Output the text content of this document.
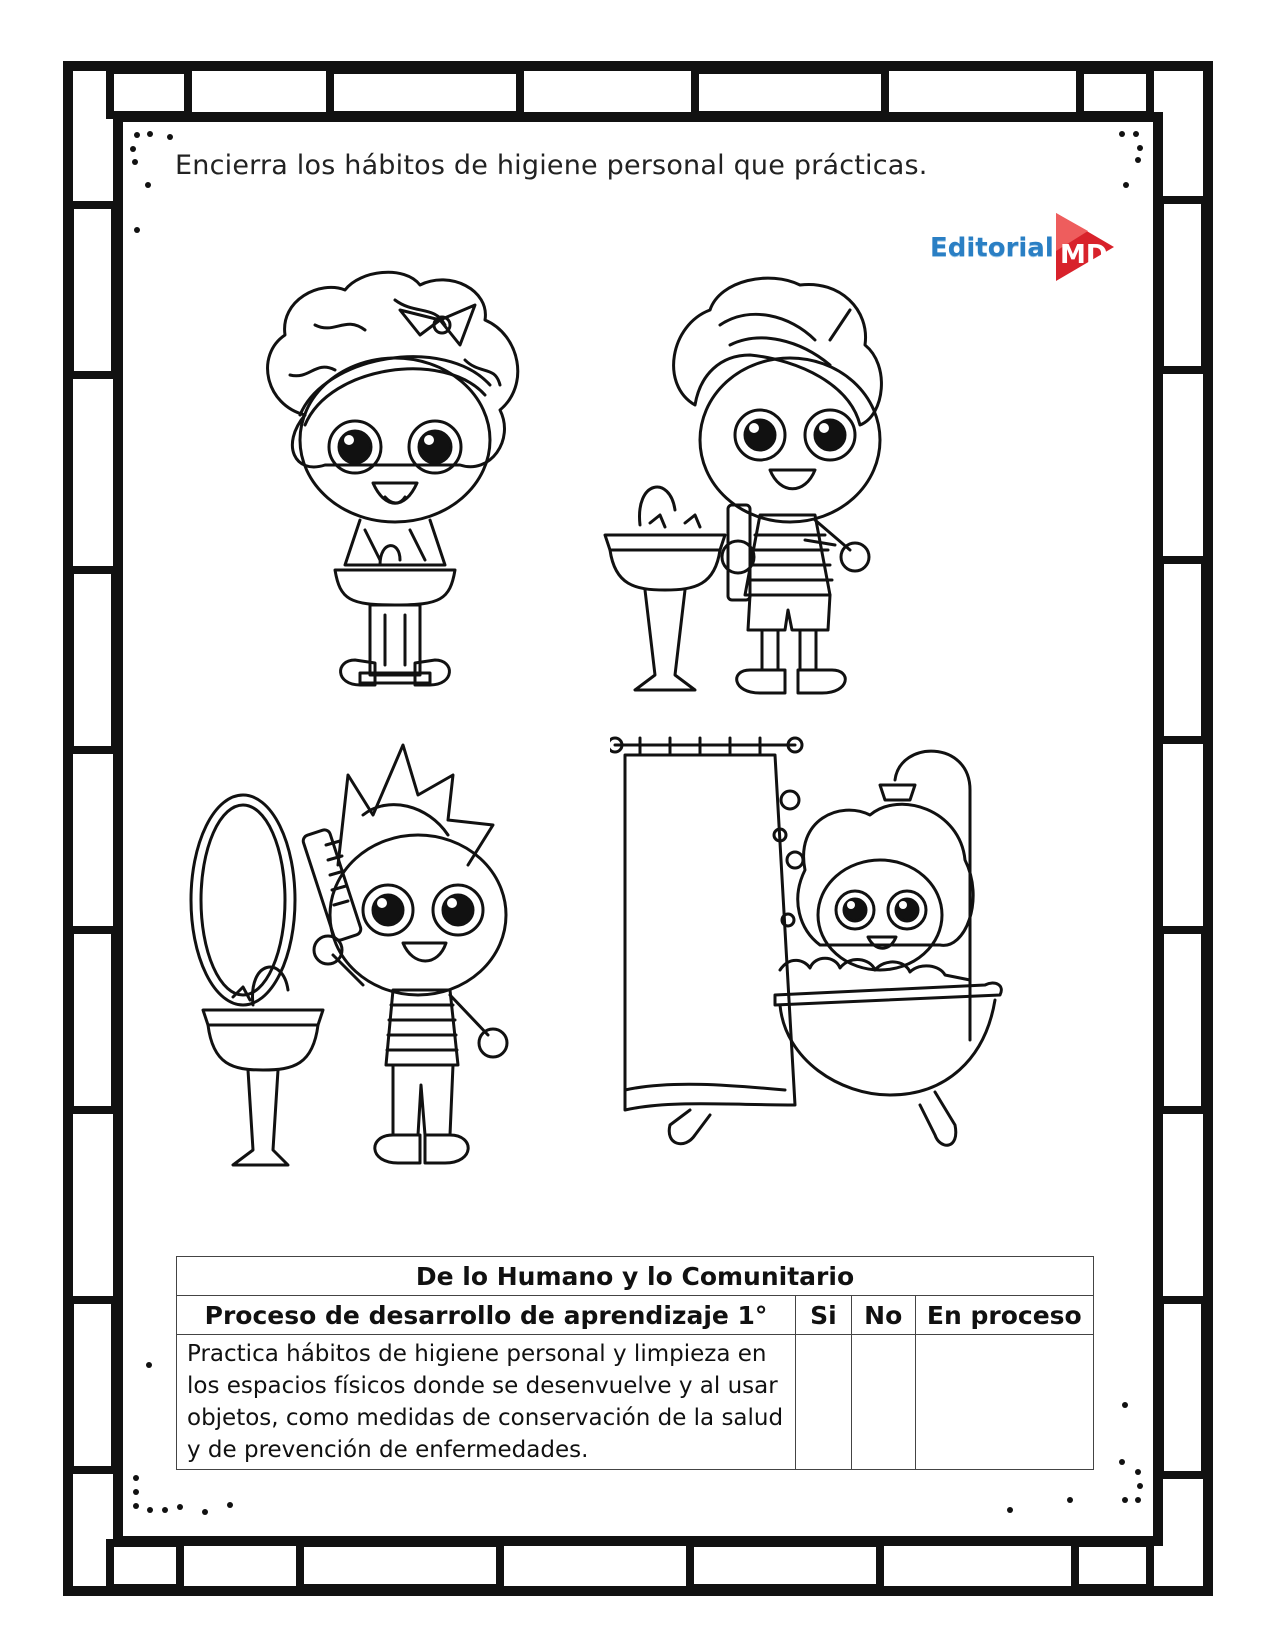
Encierra los hábitos de higiene personal que prácticas.
Editorial MD
De lo Humano y lo Comunitario			
Proceso de desarrollo de aprendizaje 1°	Si	No	En proceso
Practica hábitos de higiene personal y limpieza en los espacios físicos donde se desenvuelve y al usar objetos, como medidas de conservación de la salud y de prevención de enfermedades.			
